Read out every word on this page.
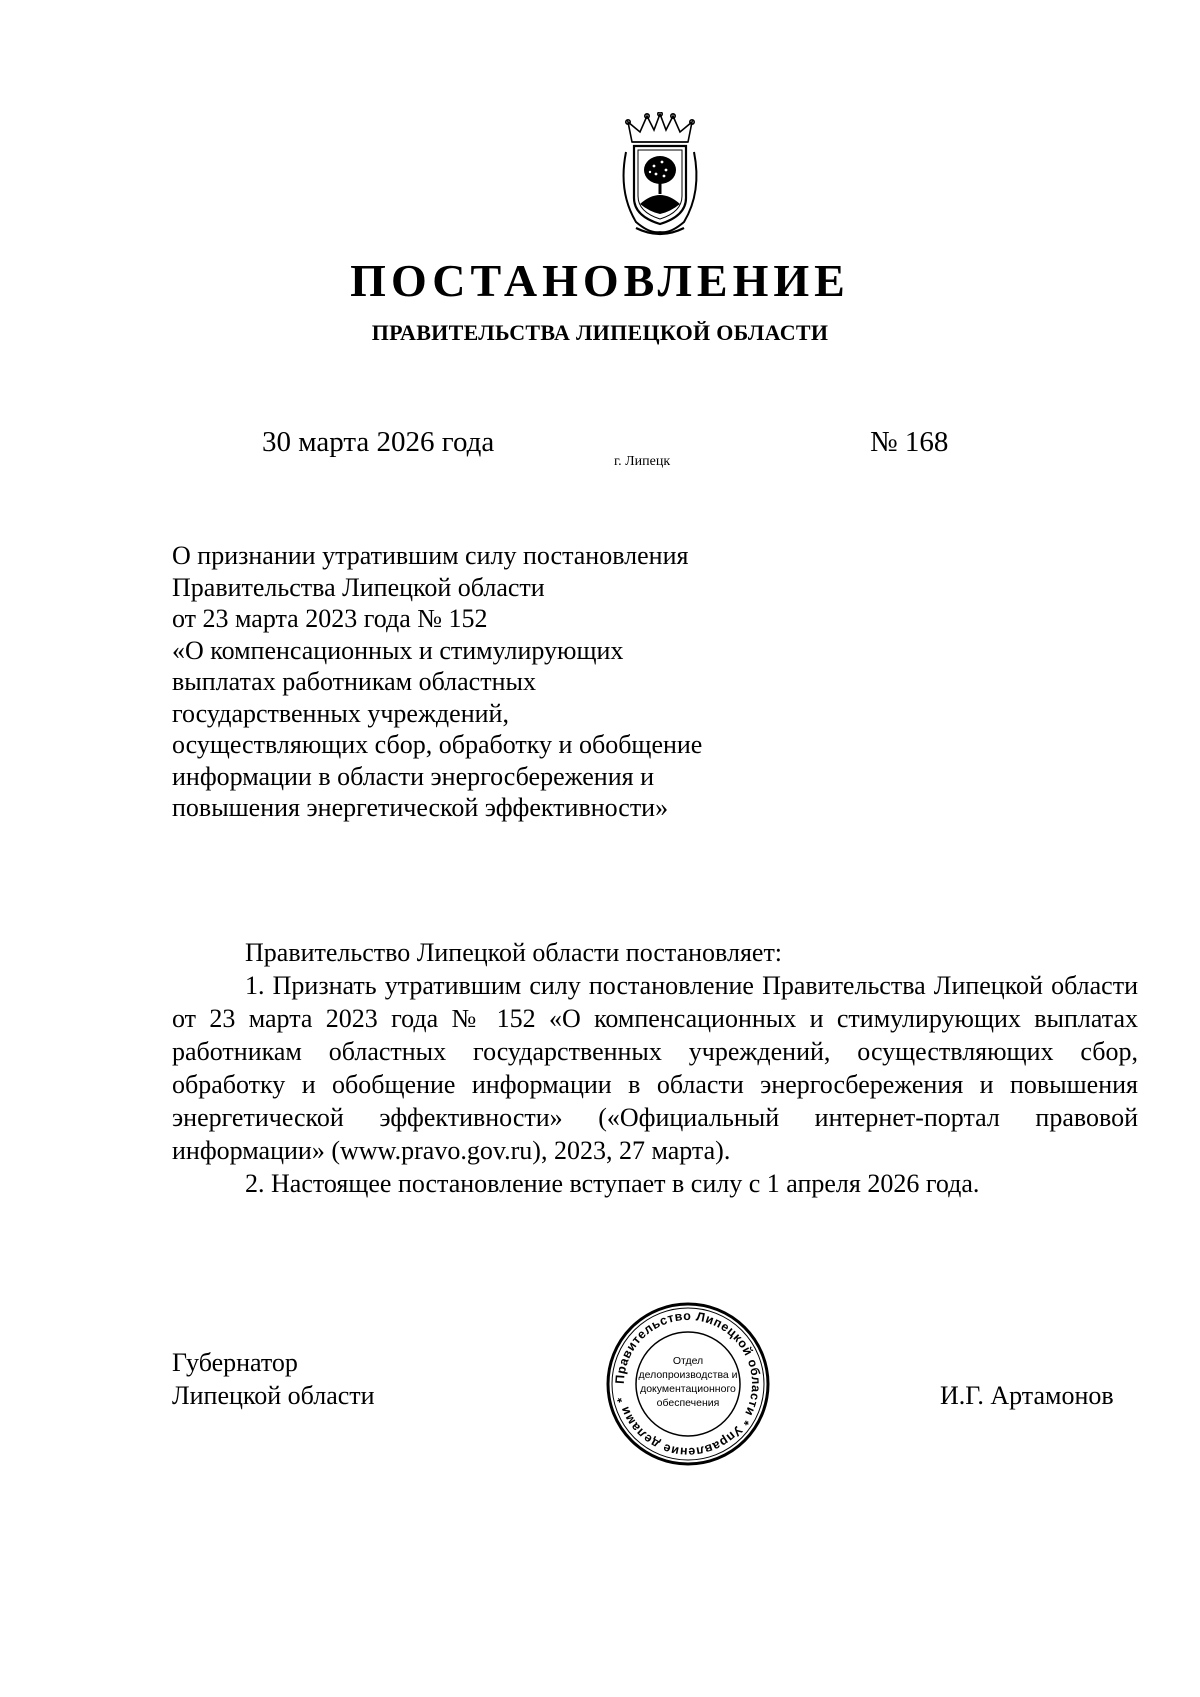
ПОСТАНОВЛЕНИЕ
ПРАВИТЕЛЬСТВА ЛИПЕЦКОЙ ОБЛАСТИ
30 марта 2026 года
г. Липецк
№ 168
О признании утратившим силу постановления
Правительства Липецкой области
от 23 марта 2023 года № 152
«О компенсационных и стимулирующих
выплатах работникам областных
государственных учреждений,
осуществляющих сбор, обработку и обобщение
информации в области энергосбережения и
повышения энергетической эффективности»
Правительство Липецкой области постановляет:
1. Признать утратившим силу постановление Правительства Липецкой области от 23 марта 2023 года № 152 «О компенсационных и стимулирующих выплатах работникам областных государственных учреждений, осуществляющих сбор, обработку и обобщение информации в области энергосбережения и повышения энергетической эффективности» («Официальный интернет-портал правовой информации» (www.pravo.gov.ru), 2023, 27 марта).
2. Настоящее постановление вступает в силу с 1 апреля 2026 года.
Губернатор
Липецкой области
Правительство Липецкой области * Управление делами *
Отдел
делопроизводства и
документационного
обеспечения	И.Г. Артамонов
